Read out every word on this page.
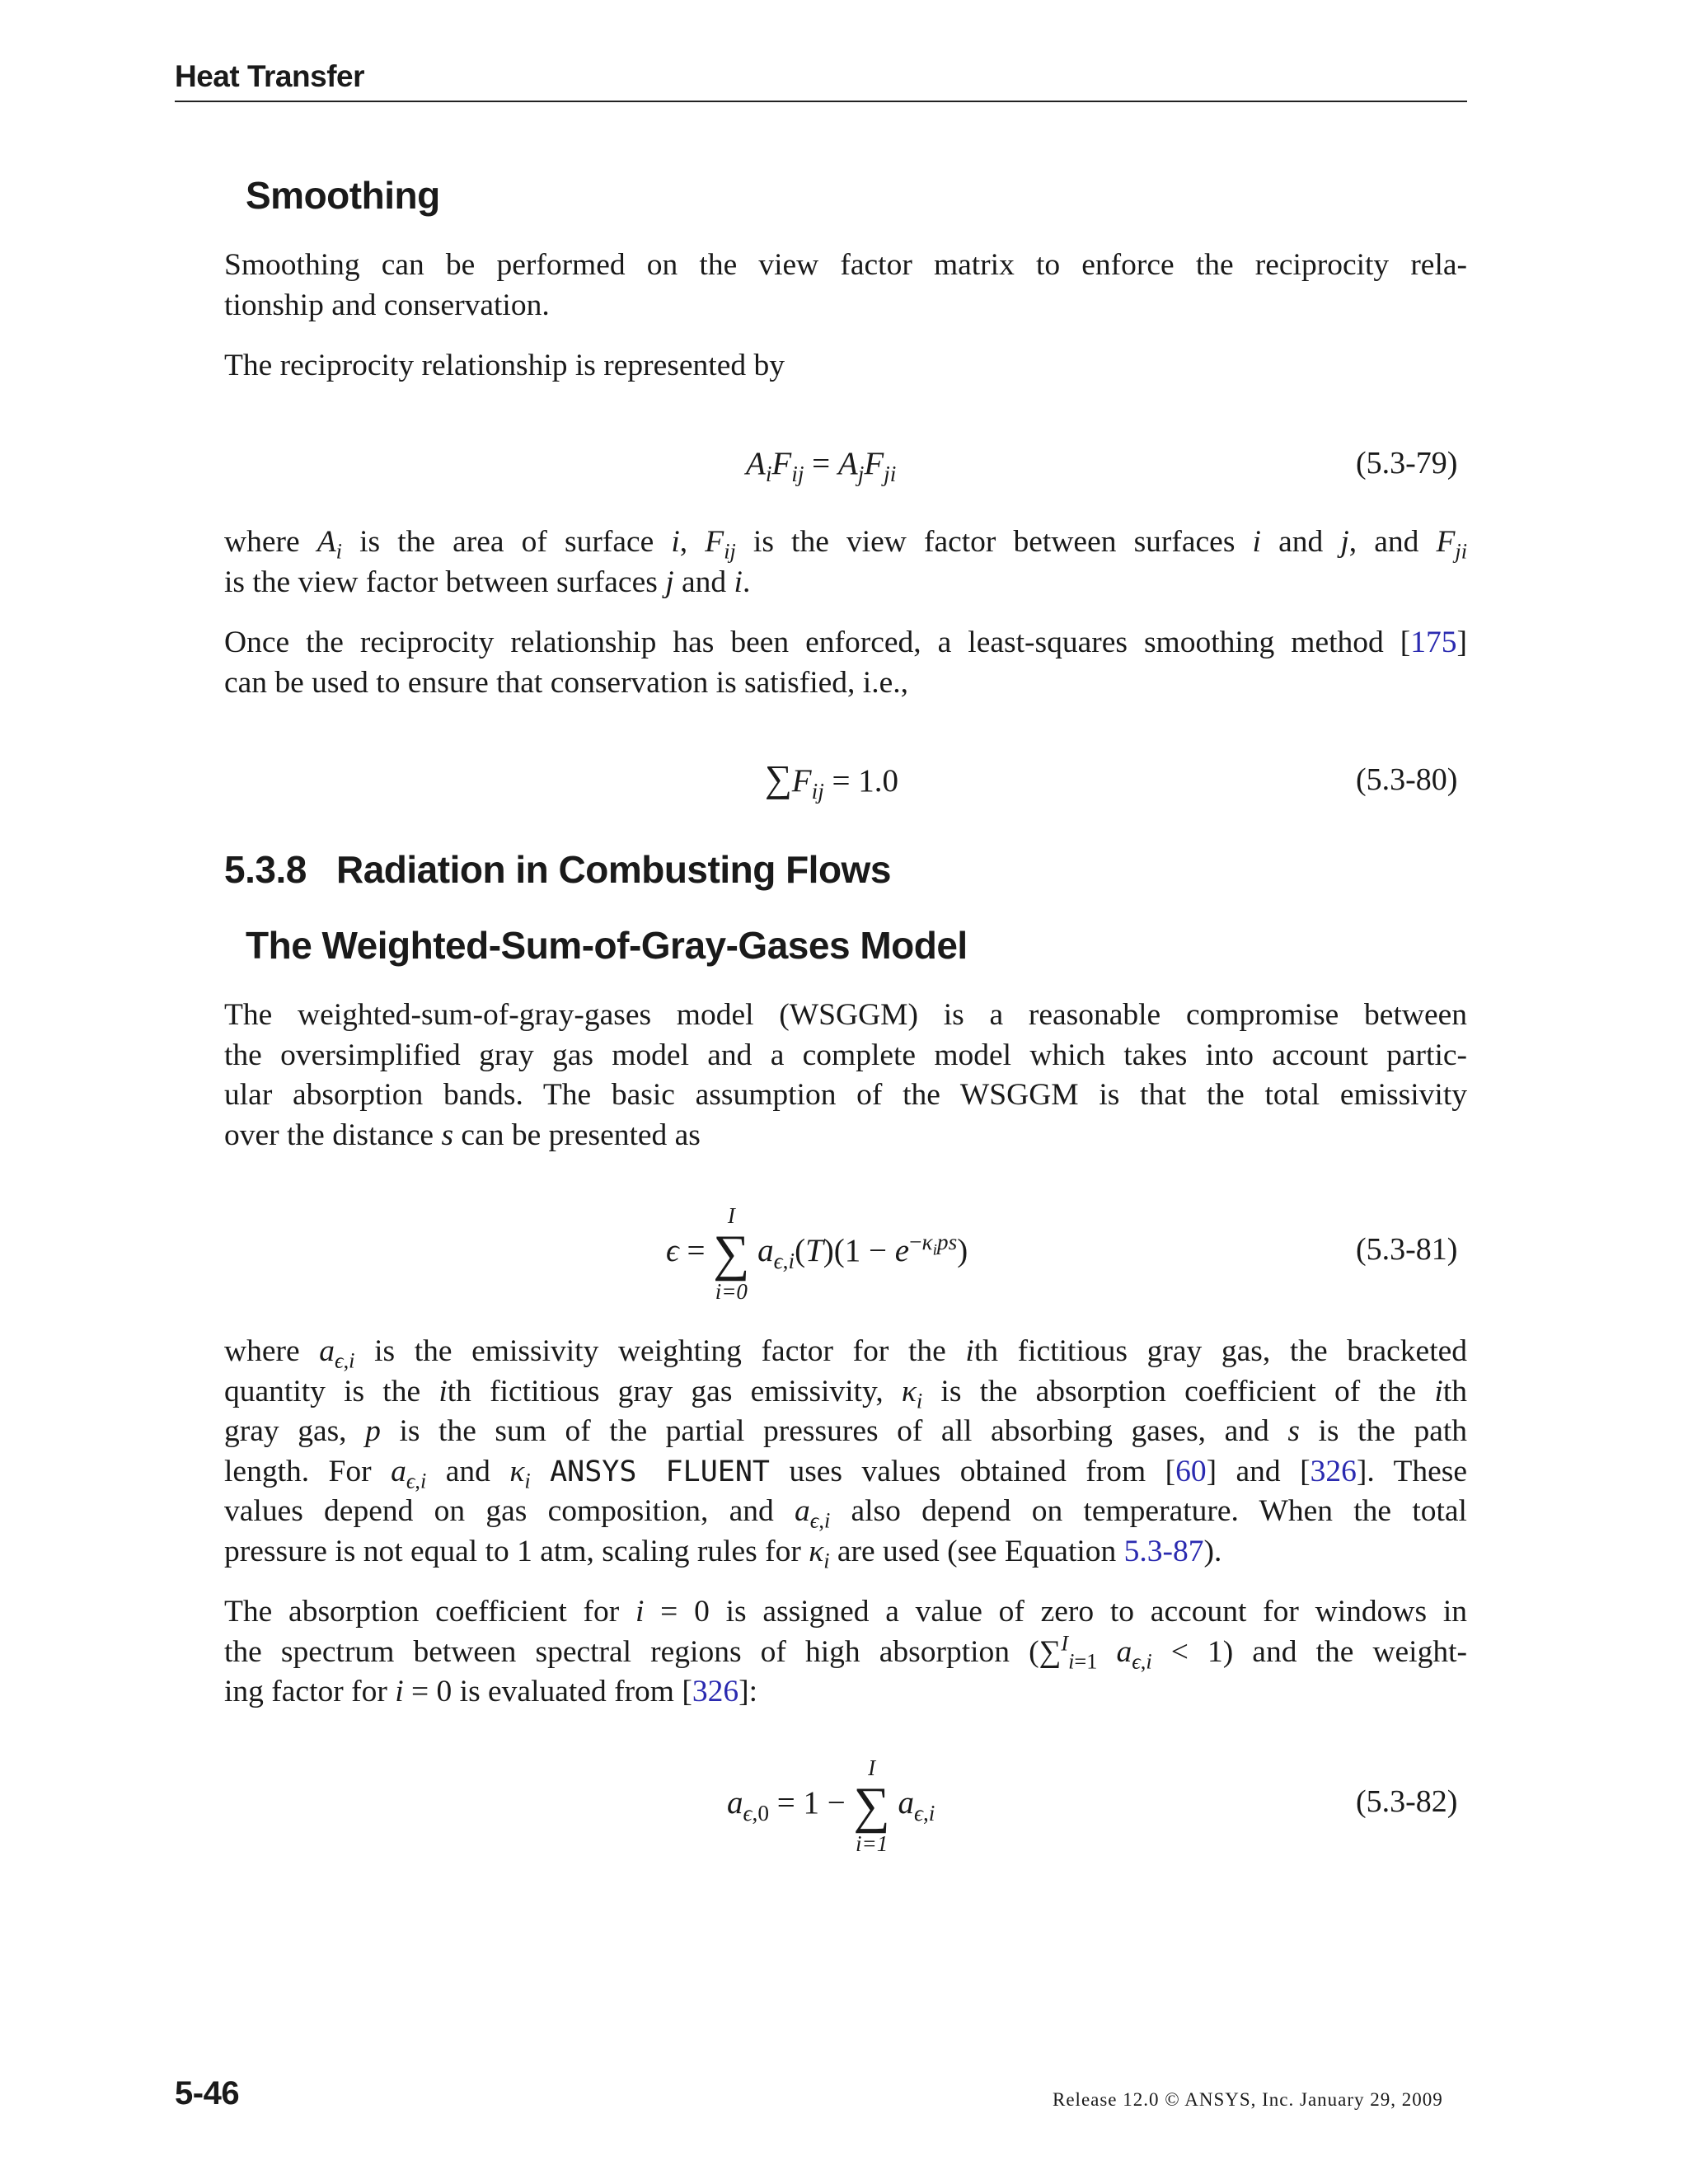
Heat Transfer
Smoothing
Smoothing can be performed on the view factor matrix to enforce the reciprocity rela-
tionship and conservation.
The reciprocity relationship is represented by
$A_iF_{ij} = A_jF_{ji}$	(5.3-79)
where $A_i$ is the area of surface i, $F_{ij}$ is the view factor between surfaces i and j, and $F_{ji}$
is the view factor between surfaces j and i.
Once the reciprocity relationship has been enforced, a least-squares smoothing method [175]
can be used to ensure that conservation is satisfied, i.e.,
$\sum F_{ij} = 1.0$	(5.3-80)
5.3.8 Radiation in Combusting Flows
The Weighted-Sum-of-Gray-Gases Model
The weighted-sum-of-gray-gases model (WSGGM) is a reasonable compromise between
the oversimplified gray gas model and a complete model which takes into account partic-
ular absorption bands. The basic assumption of the WSGGM is that the total emissivity
over the distance s can be presented as
ϵ =
I
∑
i=0
$a_{\epsilon,i}(T)(1 - e^{-\kappa_ips})$	(5.3-81)
where $a_{\epsilon,i}$ is the emissivity weighting factor for the ith fictitious gray gas, the bracketed
quantity is the ith fictitious gray gas emissivity, $\kappa_i$ is the absorption coefficient of the ith
gray gas, p is the sum of the partial pressures of all absorbing gases, and s is the path
length. For $a_{\epsilon,i}$ and $\kappa_i$ ANSYS FLUENT uses values obtained from [60] and [326]. These
values depend on gas composition, and $a_{\epsilon,i}$ also depend on temperature. When the total
pressure is not equal to 1 atm, scaling rules for $\kappa_i$ are used (see Equation 5.3-87).
The absorption coefficient for i = 0 is assigned a value of zero to account for windows in
the spectrum between spectral regions of high absorption (∑$^I_{i=1}$ $a_{\epsilon,i} < 1$) and the weight-
ing factor for i = 0 is evaluated from [326]:
$a_{\epsilon,0} = 1$ −
I
∑
i=1
$a_{\epsilon,i}$	(5.3-82)
5-46	Release 12.0 © ANSYS, Inc. January 29, 2009
